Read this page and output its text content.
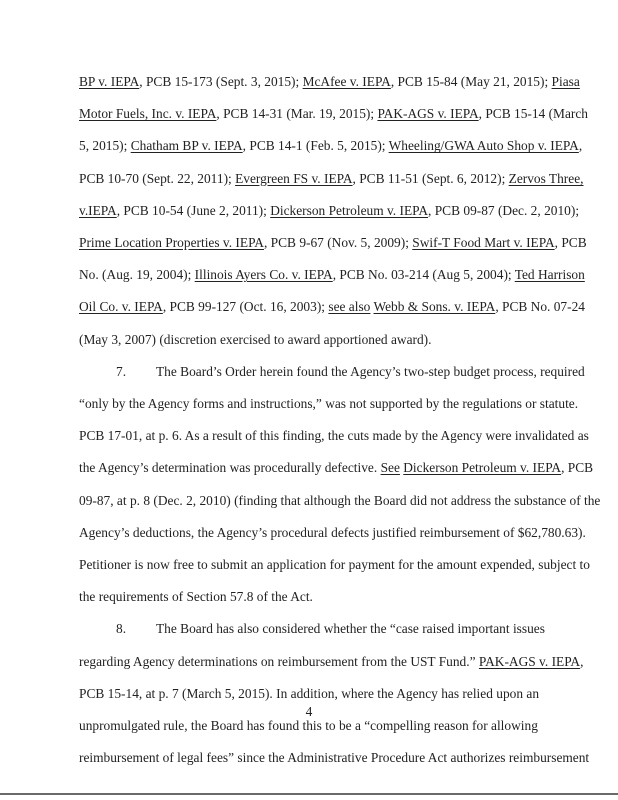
BP v. IEPA, PCB 15-173 (Sept. 3, 2015); McAfee v. IEPA, PCB 15-84 (May 21, 2015); Piasa
Motor Fuels, Inc. v. IEPA, PCB 14-31 (Mar. 19, 2015); PAK-AGS v. IEPA, PCB 15-14 (March
5, 2015); Chatham BP v. IEPA, PCB 14-1 (Feb. 5, 2015); Wheeling/GWA Auto Shop v. IEPA,
PCB 10-70 (Sept. 22, 2011); Evergreen FS v. IEPA, PCB 11-51 (Sept. 6, 2012); Zervos Three,
v.IEPA, PCB 10-54 (June 2, 2011); Dickerson Petroleum v. IEPA, PCB 09-87 (Dec. 2, 2010);
Prime Location Properties v. IEPA, PCB 9-67 (Nov. 5, 2009); Swif-T Food Mart v. IEPA, PCB
No. (Aug. 19, 2004); Illinois Ayers Co. v. IEPA, PCB No. 03-214 (Aug 5, 2004); Ted Harrison
Oil Co. v. IEPA, PCB 99-127 (Oct. 16, 2003); see also Webb & Sons. v. IEPA, PCB No. 07-24
(May 3, 2007) (discretion exercised to award apportioned award).
7. The Board’s Order herein found the Agency’s two-step budget process, required
“only by the Agency forms and instructions,” was not supported by the regulations or statute.
PCB 17-01, at p. 6. As a result of this finding, the cuts made by the Agency were invalidated as
the Agency’s determination was procedurally defective. See Dickerson Petroleum v. IEPA, PCB
09-87, at p. 8 (Dec. 2, 2010) (finding that although the Board did not address the substance of the
Agency’s deductions, the Agency’s procedural defects justified reimbursement of $62,780.63).
Petitioner is now free to submit an application for payment for the amount expended, subject to
the requirements of Section 57.8 of the Act.
8. The Board has also considered whether the “case raised important issues
regarding Agency determinations on reimbursement from the UST Fund.” PAK-AGS v. IEPA,
PCB 15-14, at p. 7 (March 5, 2015). In addition, where the Agency has relied upon an
unpromulgated rule, the Board has found this to be a “compelling reason for allowing
reimbursement of legal fees” since the Administrative Procedure Act authorizes reimbursement
4
